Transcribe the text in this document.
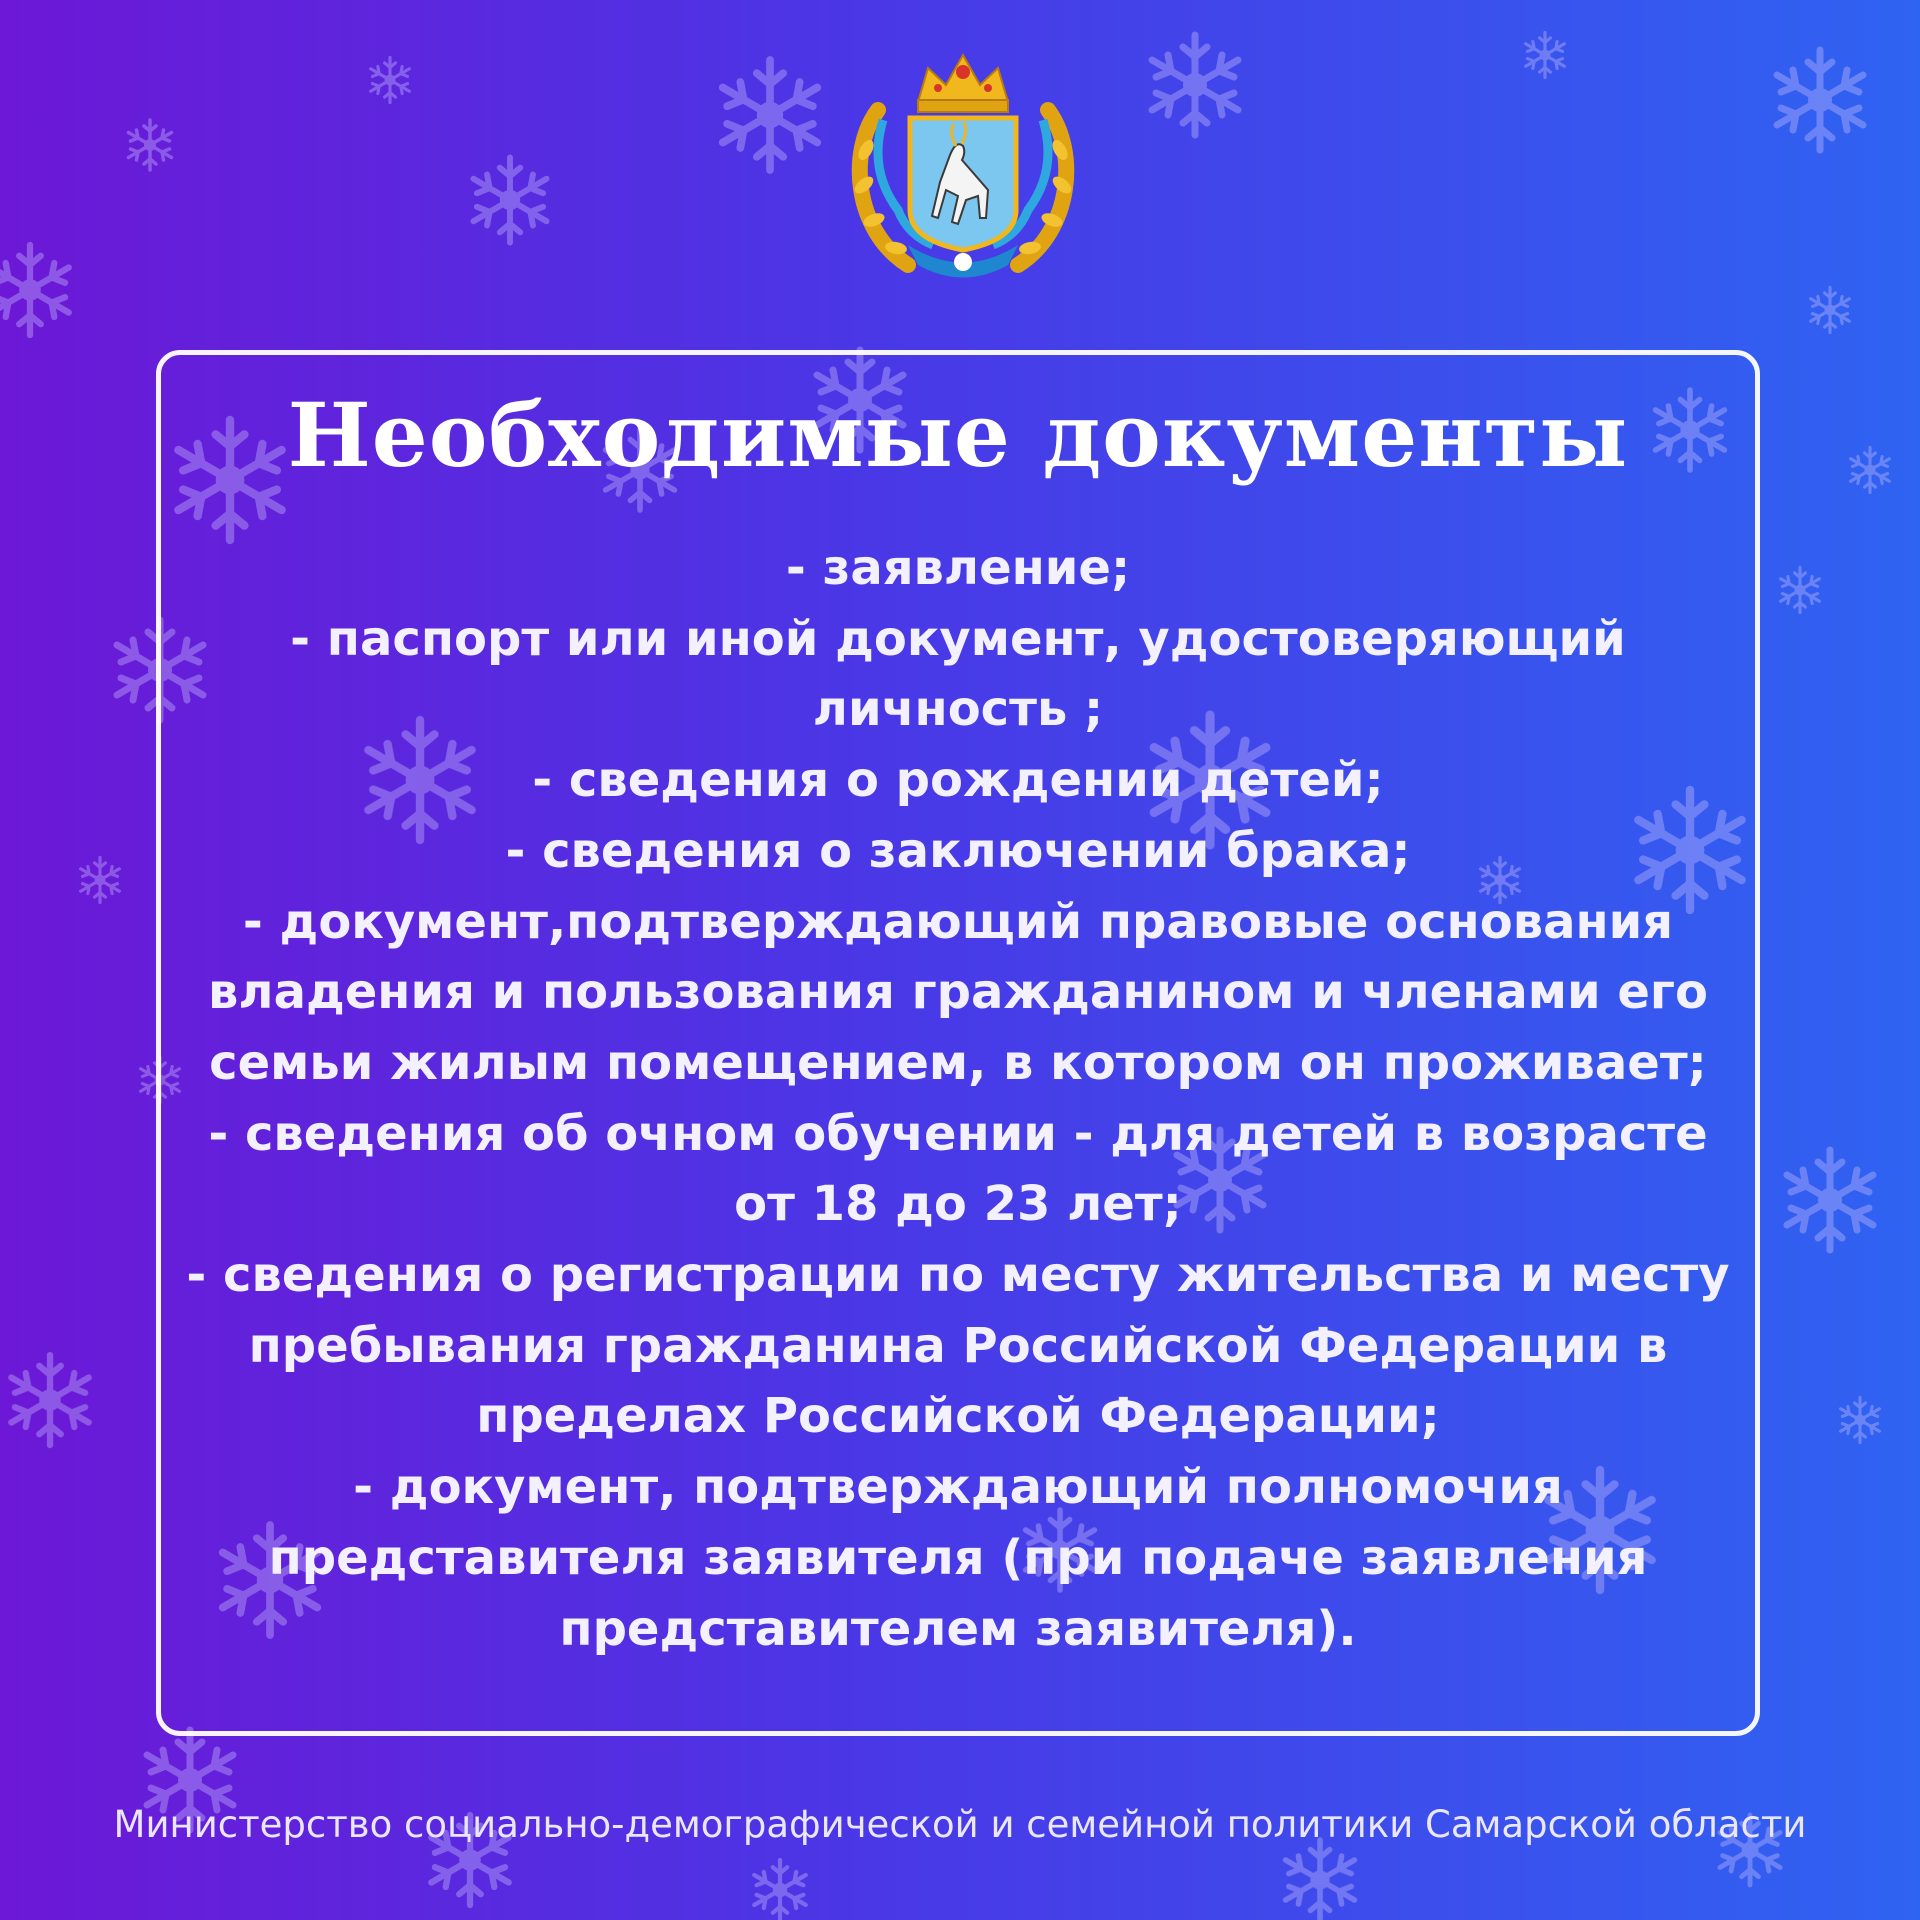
Необходимые документы
- заявление;
- паспорт или иной документ, удостоверяющий личность ;
- сведения о рождении детей;
- сведения о заключении брака;
- документ,подтверждающий правовые основания владения и пользования гражданином и членами его семьи жилым помещением, в котором он проживает;
- сведения об очном обучении - для детей в возрасте от 18 до 23 лет;
- сведения о регистрации по месту жительства и месту пребывания гражданина Российской Федерации в пределах Российской Федерации;
- документ, подтверждающий полномочия представителя заявителя (при подаче заявления представителем заявителя).
Министерство социально-демографической и семейной политики Самарской области
